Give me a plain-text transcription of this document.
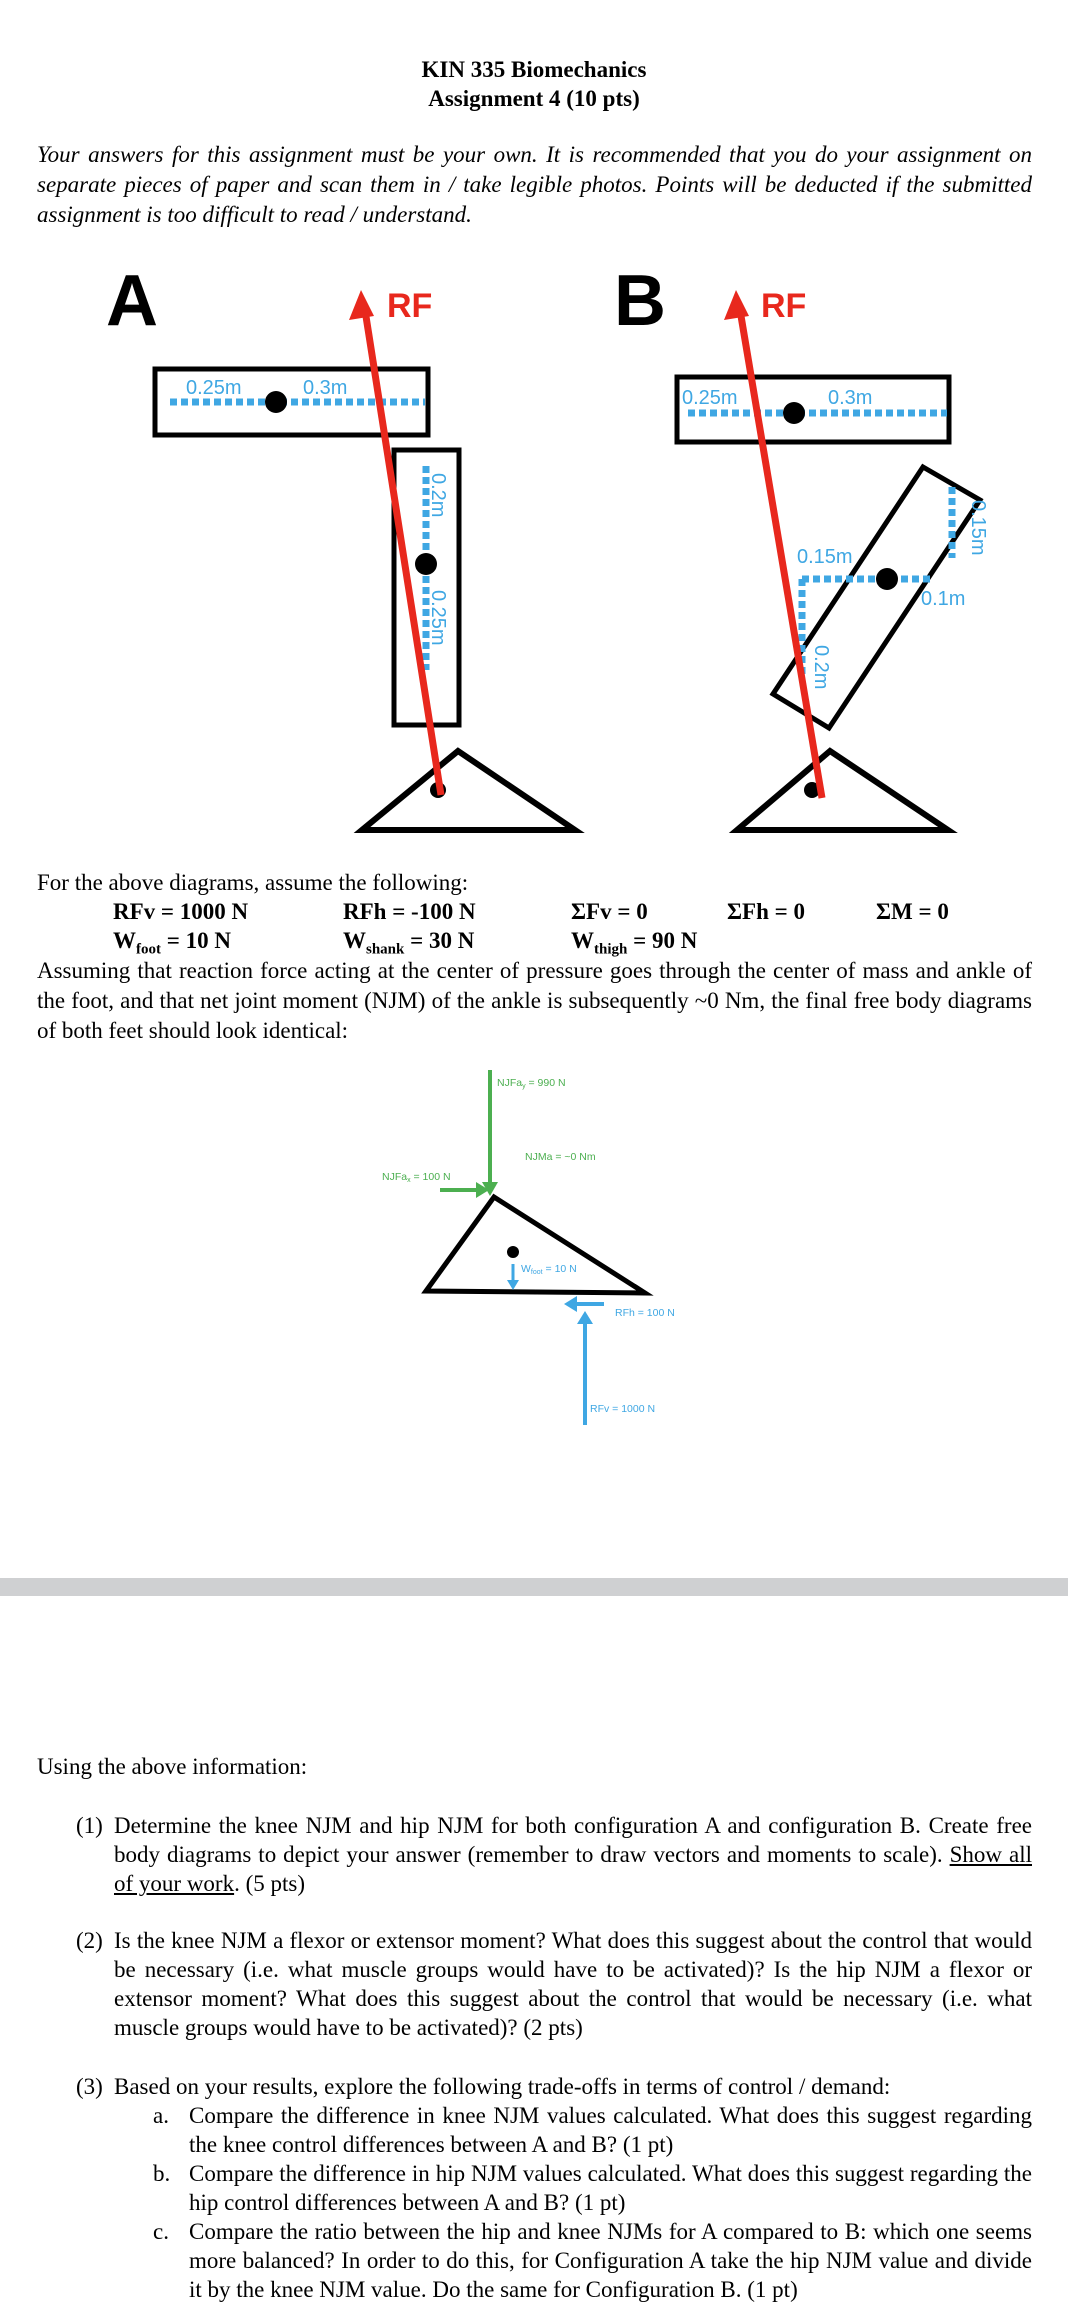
KIN 335 Biomechanics
Assignment 4 (10 pts)
Your answers for this assignment must be your own. It is recommended that you do your assignment on separate pieces of paper and scan them in / take legible photos. Points will be deducted if the submitted assignment is too difficult to read / understand.
A
0.25m	0.3m
0.2m
0.25m
RF	B
0.25m	0.3m
0.15m
0.15m
0.1m
0.2m
RF
For the above diagrams, assume the following:
RFv = 1000 N	RFh = -100 N	ΣFv = 0	ΣFh = 0	ΣM = 0
$W_{foot} = 10$ N	$W_{shank} = 30$ N	$W_{thigh} = 90$ N
Assuming that reaction force acting at the center of pressure goes through the center of mass and ankle of the foot, and that net joint moment (NJM) of the ankle is subsequently ~0 Nm, the final free body diagrams of both feet should look identical:
NJFay = 990 N
NJFax = 100 N
NJMa = ~0 Nm
Wfoot = 10 N
RFh = 100 N
RFv = 1000 N
Using the above information:
(1) Determine the knee NJM and hip NJM for both configuration A and configuration B. Create free body diagrams to depict your answer (remember to draw vectors and moments to scale). Show all of your work. (5 pts)
(2) Is the knee NJM a flexor or extensor moment? What does this suggest about the control that would be necessary (i.e. what muscle groups would have to be activated)? Is the hip NJM a flexor or extensor moment? What does this suggest about the control that would be necessary (i.e. what muscle groups would have to be activated)? (2 pts)
(3) Based on your results, explore the following trade-offs in terms of control / demand:
a. Compare the difference in knee NJM values calculated. What does this suggest regarding the knee control differences between A and B? (1 pt)
b. Compare the difference in hip NJM values calculated. What does this suggest regarding the hip control differences between A and B? (1 pt)
c. Compare the ratio between the hip and knee NJMs for A compared to B: which one seems more balanced? In order to do this, for Configuration A take the hip NJM value and divide it by the knee NJM value. Do the same for Configuration B. (1 pt)
